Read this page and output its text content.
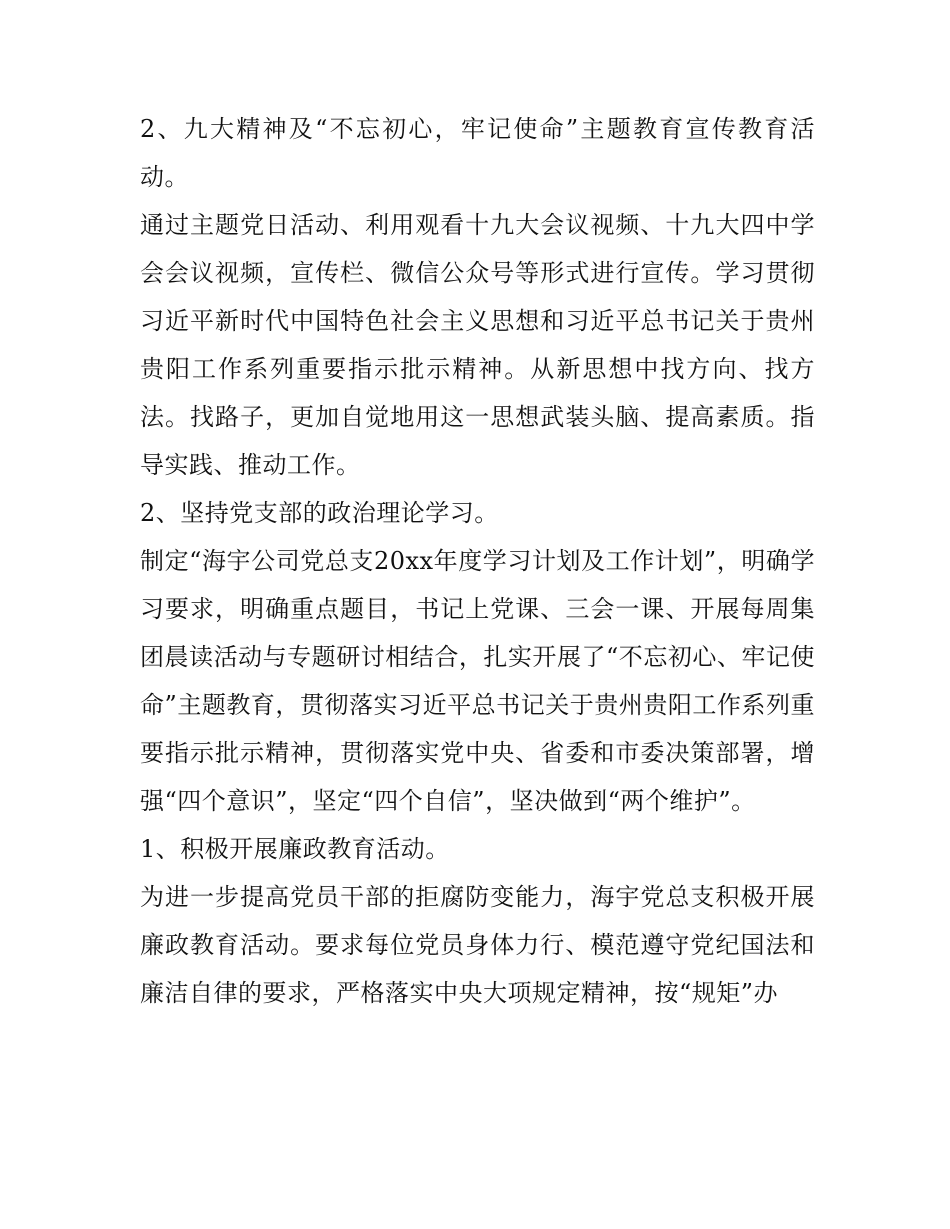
2、九大精神及“不忘初心，牢记使命”主题教育宣传教育活动。

通过主题党日活动、利用观看十九大会议视频、十九大四中学会会议视频，宣传栏、微信公众号等形式进行宣传。学习贯彻习近平新时代中国特色社会主义思想和习近平总书记关于贵州贵阳工作系列重要指示批示精神。从新思想中找方向、找方法。找路子，更加自觉地用这一思想武装头脑、提高素质。指导实践、推动工作。

2、坚持党支部的政治理论学习。

制定“海宇公司党总支20xx年度学习计划及工作计划”，明确学习要求，明确重点题目，书记上党课、三会一课、开展每周集团晨读活动与专题研讨相结合，扎实开展了“不忘初心、牢记使命”主题教育，贯彻落实习近平总书记关于贵州贵阳工作系列重要指示批示精神，贯彻落实党中央、省委和市委决策部署，增强“四个意识”，坚定“四个自信”，坚决做到“两个维护”。

1、积极开展廉政教育活动。

为进一步提高党员干部的拒腐防变能力，海宇党总支积极开展廉政教育活动。要求每位党员身体力行、模范遵守党纪国法和廉洁自律的要求，严格落实中央大项规定精神，按“规矩”办
